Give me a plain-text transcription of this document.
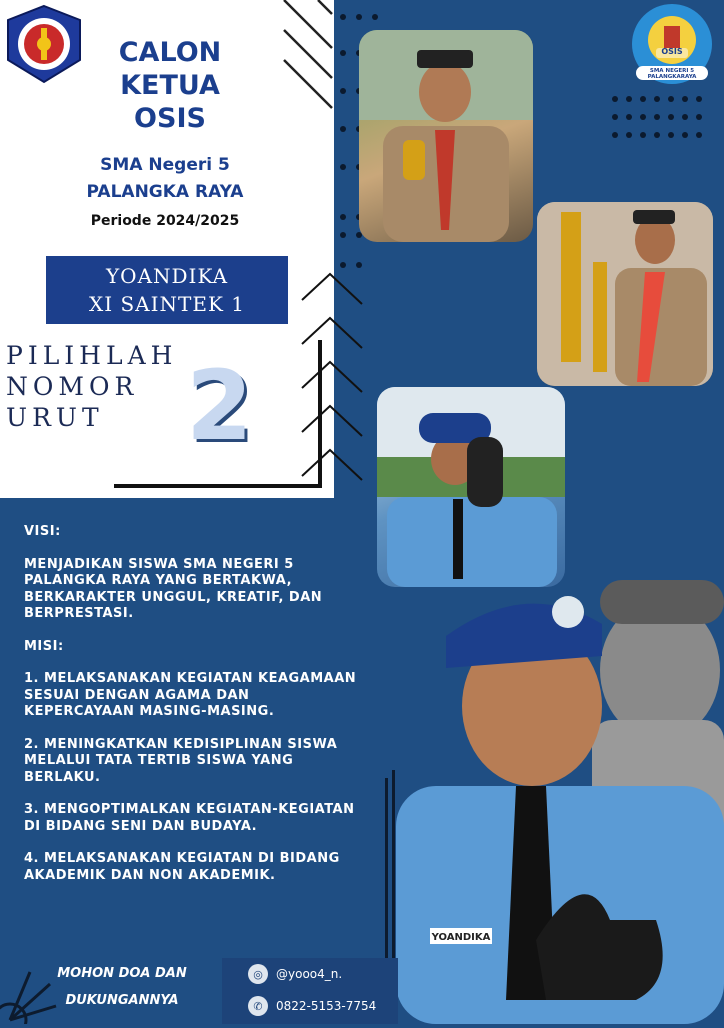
OSIS
SMA NEGERI 5 PALANGKARAYA
CALON
KETUA
OSIS
SMA Negeri 5
PALANGKA RAYA
Periode 2024/2025
YOANDIKA
XI SAINTEK 1
PILIHLAH
NOMOR
URUT 2
YOANDIKA

VISI:

MENJADIKAN SISWA SMA NEGERI 5 PALANGKA RAYA YANG BERTAKWA, BERKARAKTER UNGGUL, KREATIF, DAN BERPRESTASI.

MISI:

1. MELAKSANAKAN KEGIATAN KEAGAMAAN SESUAI DENGAN AGAMA DAN KEPERCAYAAN MASING-MASING.

2. MENINGKATKAN KEDISIPLINAN SISWA MELALUI TATA TERTIB SISWA YANG BERLAKU.

3. MENGOPTIMALKAN KEGIATAN-KEGIATAN DI BIDANG SENI DAN BUDAYA.

4. MELAKSANAKAN KEGIATAN DI BIDANG AKADEMIK DAN NON AKADEMIK.

MOHON DOA DAN
DUKUNGANNYA
◎	@yooo4_n.
✆	0822-5153-7754
